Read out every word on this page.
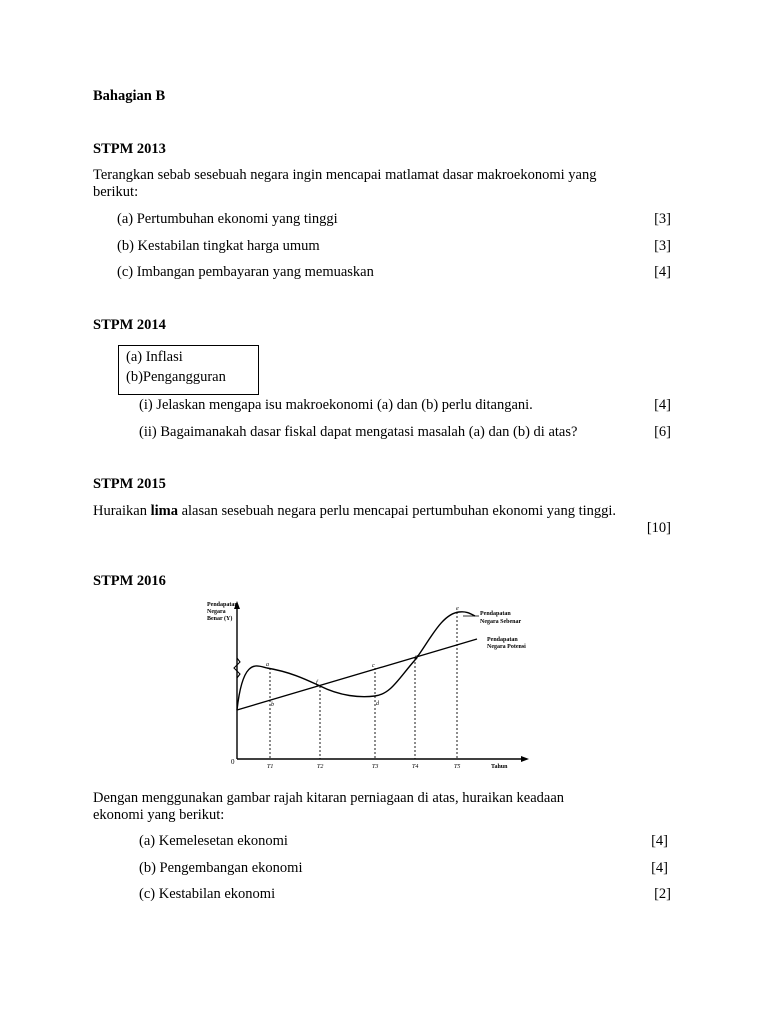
Bahagian B
STPM 2013
Terangkan sebab sesebuah negara ingin mencapai matlamat dasar makroekonomi yang
berikut:
(a) Pertumbuhan ekonomi yang tinggi	[3]
(b) Kestabilan tingkat harga umum	[3]
(c) Imbangan pembayaran yang memuaskan	[4]
STPM 2014
(a) Inflasi
(b)Pengangguran
(i) Jelaskan mengapa isu makroekonomi (a) dan (b) perlu ditangani.	[4]
(ii) Bagaimanakah dasar fiskal dapat mengatasi masalah (a) dan (b) di atas?	[6]
STPM 2015
Huraikan lima alasan sesebuah negara perlu mencapai pertumbuhan ekonomi yang tinggi.
[10]
STPM 2016
Pendapatan
Negara
Benar (Y)
0
Tahun
T1	T2	T3	T4	T5
a
b
f
c
d
g
e
Pendapatan
Negara Sebenar
Pendapatan
Negara Potensi
Dengan menggunakan gambar rajah kitaran perniagaan di atas, huraikan keadaan
ekonomi yang berikut:
(a) Kemelesetan ekonomi	[4]
(b) Pengembangan ekonomi	[4]
(c) Kestabilan ekonomi	[2]
